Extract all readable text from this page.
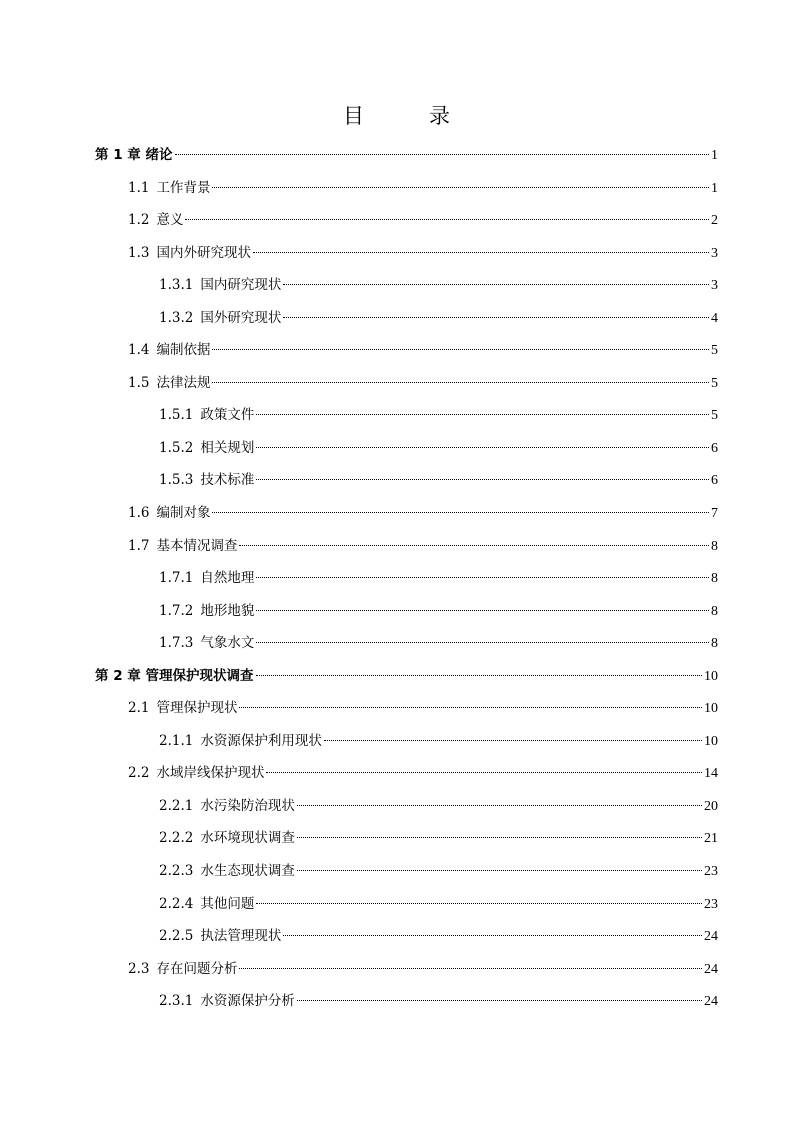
目　录
第 1 章 绪论	1
1.1 工作背景	1
1.2 意义	2
1.3 国内外研究现状	3
1.3.1 国内研究现状	3
1.3.2 国外研究现状	4
1.4 编制依据	5
1.5 法律法规	5
1.5.1 政策文件	5
1.5.2 相关规划	6
1.5.3 技术标准	6
1.6 编制对象	7
1.7 基本情况调查	8
1.7.1 自然地理	8
1.7.2 地形地貌	8
1.7.3 气象水文	8
第 2 章 管理保护现状调查	10
2.1 管理保护现状	10
2.1.1 水资源保护利用现状	10
2.2 水域岸线保护现状	14
2.2.1 水污染防治现状	20
2.2.2 水环境现状调查	21
2.2.3 水生态现状调查	23
2.2.4 其他问题	23
2.2.5 执法管理现状	24
2.3 存在问题分析	24
2.3.1 水资源保护分析	24
